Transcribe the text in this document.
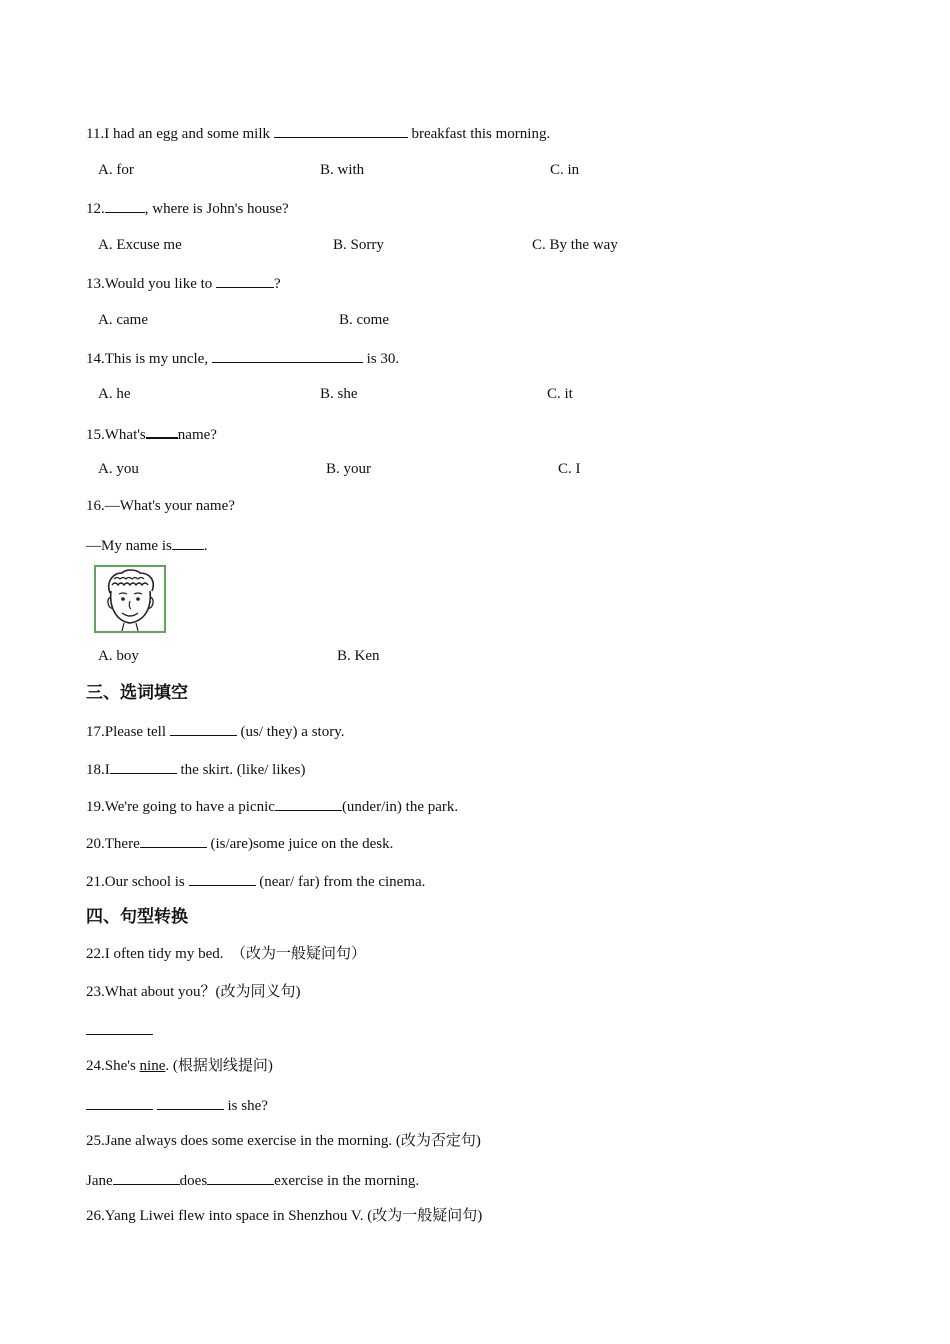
11.I had an egg and some milk	breakfast this morning.
A. for	B. with	C. in
12.	, where is John's house?
A. Excuse me	B. Sorry	C. By the way
13.Would you like to	?
A. came	B. come
14.This is my uncle,	is 30.
A. he	B. she	C. it
15.What's name?
A. you	B. your	C. I
16.—What's your name?
—My name is .
A. boy	B. Ken
三、选词填空
17.Please tell	(us/ they) a story.
18.I	the skirt. (like/ likes)
19.We're going to have a picnic	(under/in) the park.
20.There	(is/are)some juice on the desk.
21.Our school is	(near/ far) from the cinema.
四、句型转换
22.I often tidy my bed.  （改为一般疑问句）
23.What about you？(改为同义句)
24.She's nine. (根据划线提问)
is she?
25.Jane always does some exercise in the morning. (改为否定句)
Jane	does	exercise in the morning.
26.Yang Liwei flew into space in Shenzhou V. (改为一般疑问句)
